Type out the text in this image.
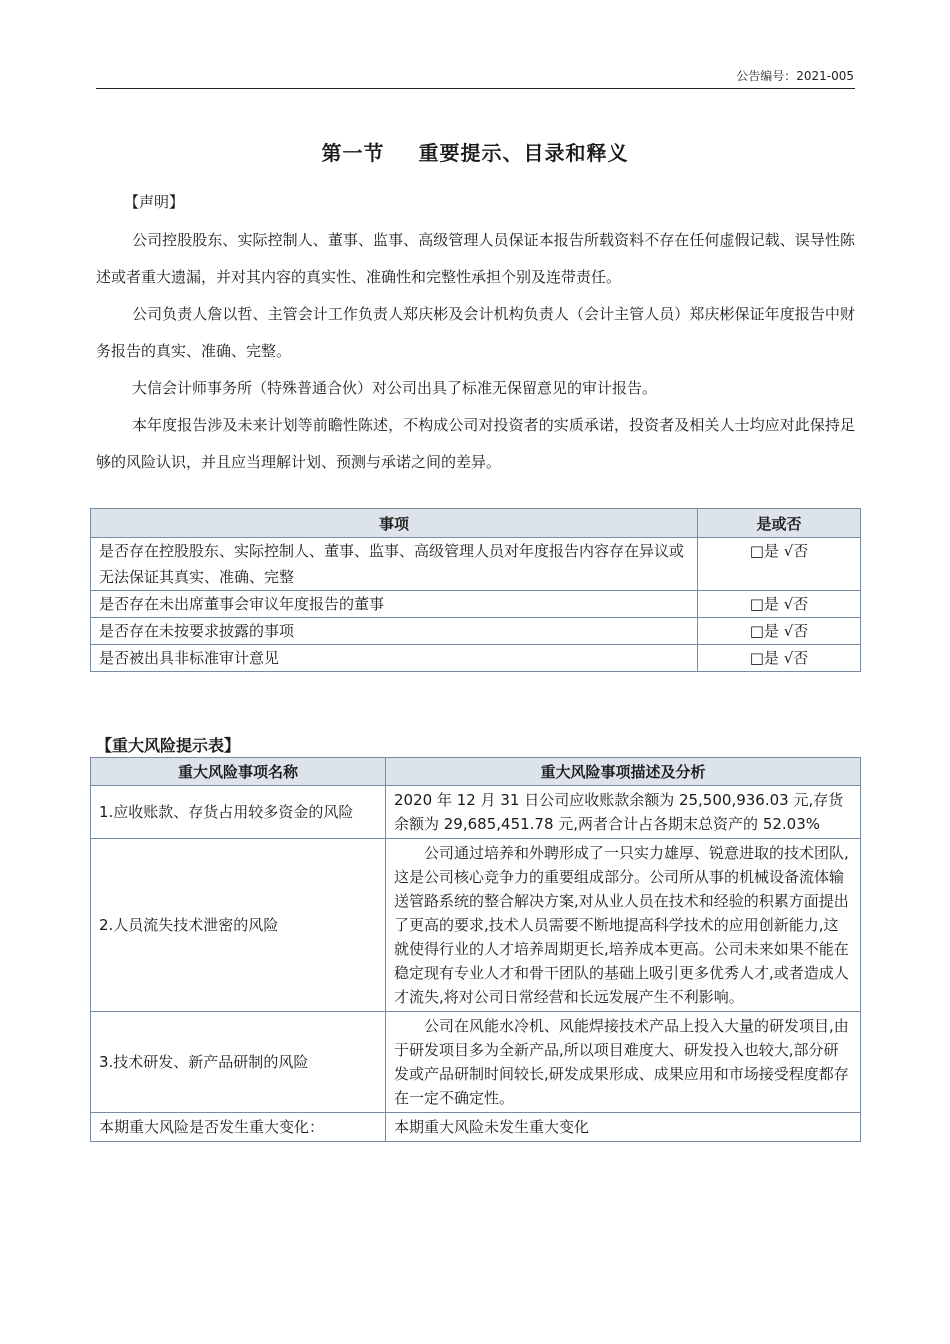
公告编号：2021-005
第一节 重要提示、目录和释义
【声明】
公司控股股东、实际控制人、董事、监事、高级管理人员保证本报告所载资料不存在任何虚假记载、误导性陈述或者重大遗漏，并对其内容的真实性、准确性和完整性承担个别及连带责任。
公司负责人詹以哲、主管会计工作负责人郑庆彬及会计机构负责人（会计主管人员）郑庆彬保证年度报告中财务报告的真实、准确、完整。
大信会计师事务所（特殊普通合伙）对公司出具了标准无保留意见的审计报告。
本年度报告涉及未来计划等前瞻性陈述，不构成公司对投资者的实质承诺，投资者及相关人士均应对此保持足够的风险认识，并且应当理解计划、预测与承诺之间的差异。
事项	是或否
是否存在控股股东、实际控制人、董事、监事、高级管理人员对年度报告内容存在异议或无法保证其真实、准确、完整	□是 √否
是否存在未出席董事会审议年度报告的董事	□是 √否
是否存在未按要求披露的事项	□是 √否
是否被出具非标准审计意见	□是 √否
【重大风险提示表】
重大风险事项名称	重大风险事项描述及分析
1.应收账款、存货占用较多资金的风险	2020 年 12 月 31 日公司应收账款余额为 25,500,936.03 元,存货余额为 29,685,451.78 元,两者合计占各期末总资产的 52.03%
2.人员流失技术泄密的风险	公司通过培养和外聘形成了一只实力雄厚、锐意进取的技术团队,这是公司核心竞争力的重要组成部分。公司所从事的机械设备流体输送管路系统的整合解决方案,对从业人员在技术和经验的积累方面提出了更高的要求,技术人员需要不断地提高科学技术的应用创新能力,这就使得行业的人才培养周期更长,培养成本更高。公司未来如果不能在稳定现有专业人才和骨干团队的基础上吸引更多优秀人才,或者造成人才流失,将对公司日常经营和长远发展产生不利影响。
3.技术研发、新产品研制的风险	公司在风能水冷机、风能焊接技术产品上投入大量的研发项目,由于研发项目多为全新产品,所以项目难度大、研发投入也较大,部分研发或产品研制时间较长,研发成果形成、成果应用和市场接受程度都存在一定不确定性。
本期重大风险是否发生重大变化：	本期重大风险未发生重大变化
